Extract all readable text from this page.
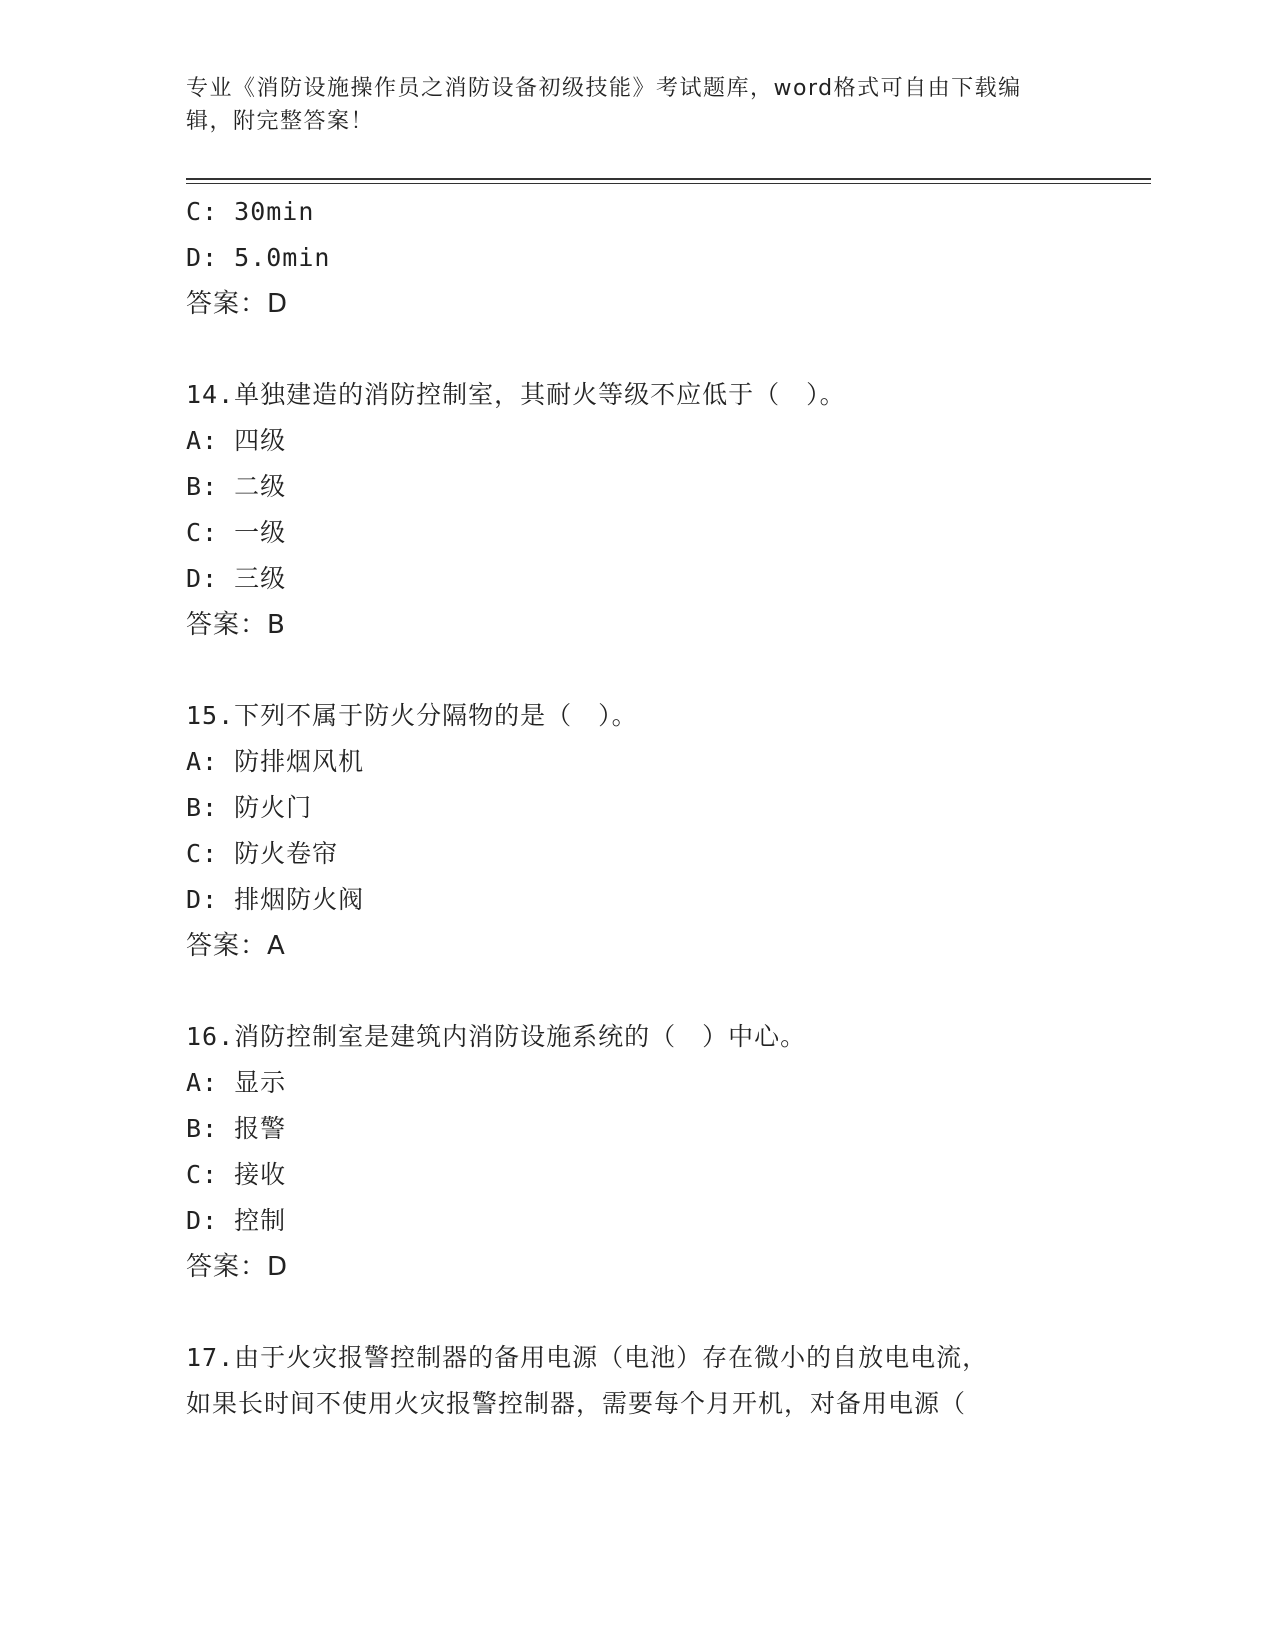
专业《消防设施操作员之消防设备初级技能》考试题库，word格式可自由下载编辑，附完整答案！
C: 30min
D: 5.0min
答案：D
14.单独建造的消防控制室，其耐火等级不应低于（　）。
A: 四级
B: 二级
C: 一级
D: 三级
答案：B
15.下列不属于防火分隔物的是（　）。
A: 防排烟风机
B: 防火门
C: 防火卷帘
D: 排烟防火阀
答案：A
16.消防控制室是建筑内消防设施系统的（　）中心。
A: 显示
B: 报警
C: 接收
D: 控制
答案：D
17.由于火灾报警控制器的备用电源（电池）存在微小的自放电电流，
如果长时间不使用火灾报警控制器，需要每个月开机，对备用电源（
